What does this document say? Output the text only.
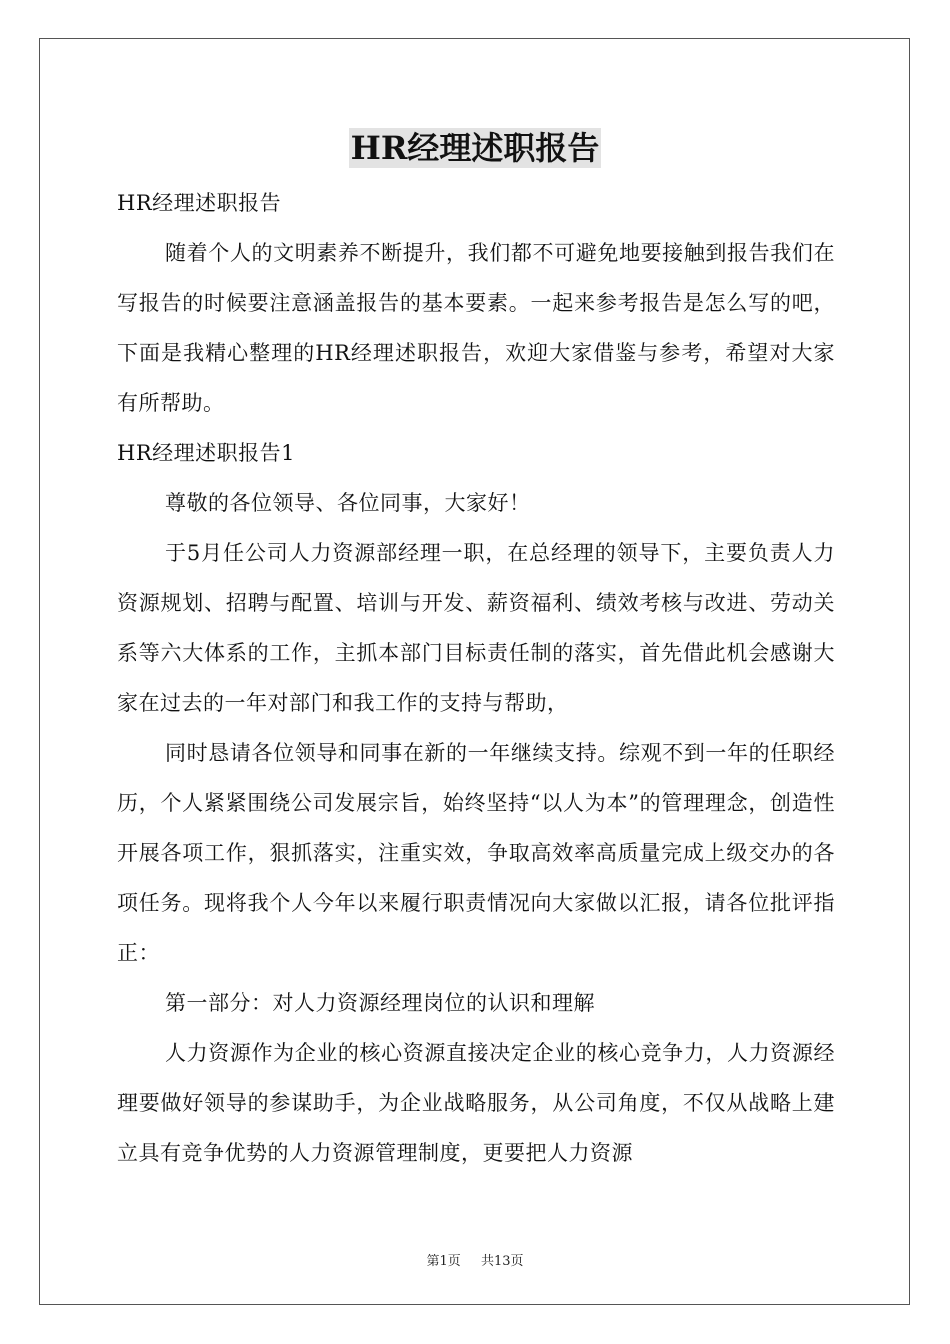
HR经理述职报告

HR经理述职报告

随着个人的文明素养不断提升，我们都不可避免地要接触到报告我们在写报告的时候要注意涵盖报告的基本要素。一起来参考报告是怎么写的吧，下面是我精心整理的HR经理述职报告，欢迎大家借鉴与参考，希望对大家有所帮助。

HR经理述职报告1

尊敬的各位领导、各位同事，大家好！

于5月任公司人力资源部经理一职，在总经理的领导下，主要负责人力资源规划、招聘与配置、培训与开发、薪资福利、绩效考核与改进、劳动关系等六大体系的工作，主抓本部门目标责任制的落实，首先借此机会感谢大家在过去的一年对部门和我工作的支持与帮助，

同时恳请各位领导和同事在新的一年继续支持。综观不到一年的任职经历，个人紧紧围绕公司发展宗旨，始终坚持“以人为本”的管理理念，创造性开展各项工作，狠抓落实，注重实效，争取高效率高质量完成上级交办的各项任务。现将我个人今年以来履行职责情况向大家做以汇报，请各位批评指正：

第一部分：对人力资源经理岗位的认识和理解

人力资源作为企业的核心资源直接决定企业的核心竞争力，人力资源经理要做好领导的参谋助手，为企业战略服务，从公司角度，不仅从战略上建立具有竞争优势的人力资源管理制度，更要把人力资源

第1页 共13页
